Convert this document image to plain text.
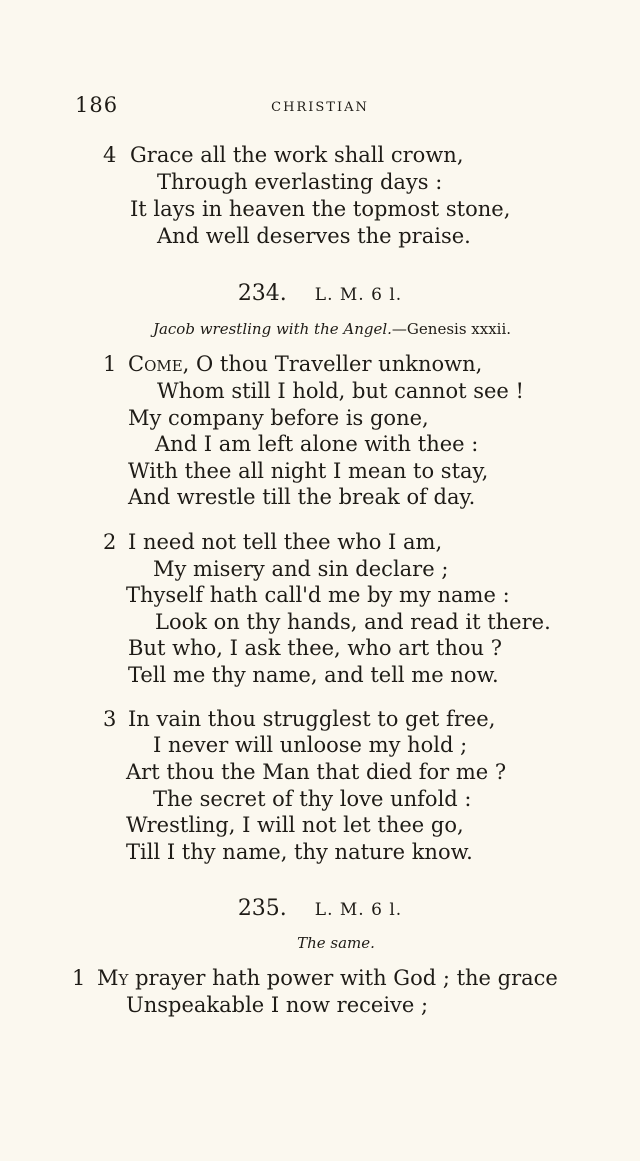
186	CHRISTIAN
4 Grace all the work shall crown,
Through everlasting days :
It lays in heaven the topmost stone,
And well deserves the praise.
234. L. M. 6 l.
Jacob wrestling with the Angel.—Genesis xxxii.
1 Come, O thou Traveller unknown,
Whom still I hold, but cannot see !
My company before is gone,
And I am left alone with thee :
With thee all night I mean to stay,
And wrestle till the break of day.
2 I need not tell thee who I am,
My misery and sin declare ;
Thyself hath call'd me by my name :
Look on thy hands, and read it there.
But who, I ask thee, who art thou ?
Tell me thy name, and tell me now.
3 In vain thou strugglest to get free,
I never will unloose my hold ;
Art thou the Man that died for me ?
The secret of thy love unfold :
Wrestling, I will not let thee go,
Till I thy name, thy nature know.
235. L. M. 6 l.
The same.
1 My prayer hath power with God ; the grace
Unspeakable I now receive ;
